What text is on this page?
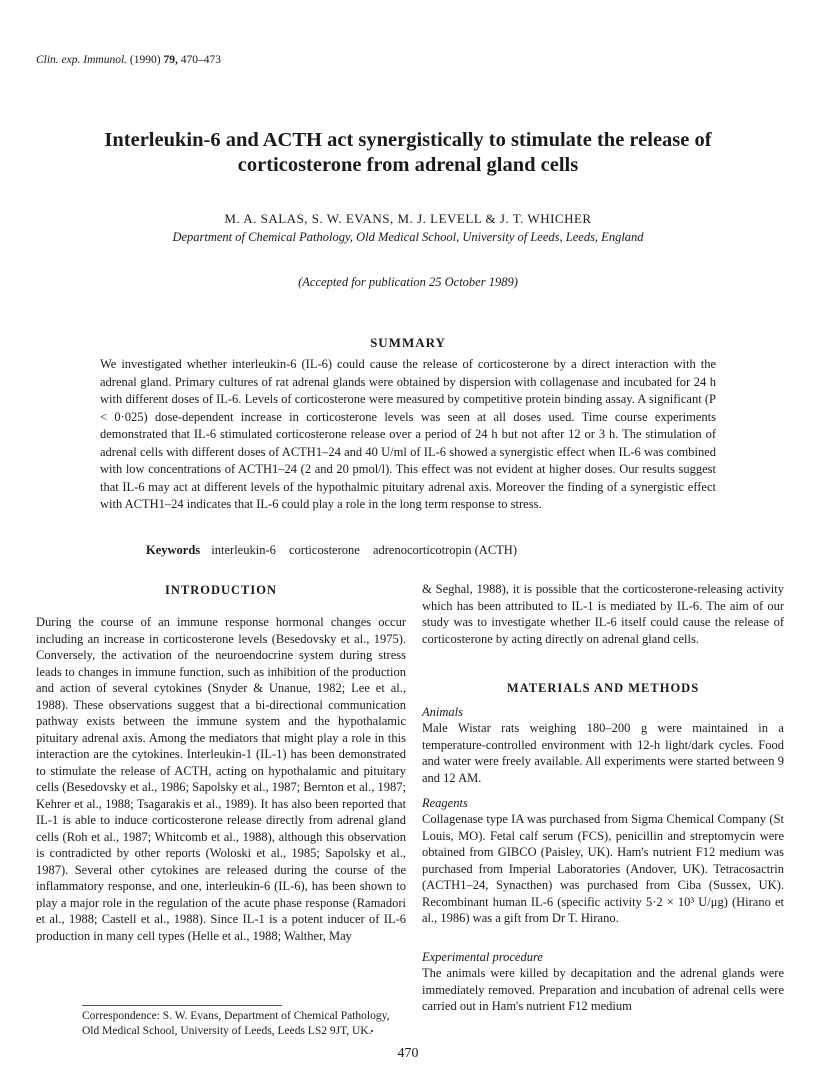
Clin. exp. Immunol. (1990) 79, 470–473
Interleukin-6 and ACTH act synergistically to stimulate the release of corticosterone from adrenal gland cells
M. A. SALAS, S. W. EVANS, M. J. LEVELL & J. T. WHICHER
Department of Chemical Pathology, Old Medical School, University of Leeds, Leeds, England
(Accepted for publication 25 October 1989)
SUMMARY
We investigated whether interleukin-6 (IL-6) could cause the release of corticosterone by a direct interaction with the adrenal gland. Primary cultures of rat adrenal glands were obtained by dispersion with collagenase and incubated for 24 h with different doses of IL-6. Levels of corticosterone were measured by competitive protein binding assay. A significant (P < 0·025) dose-dependent increase in corticosterone levels was seen at all doses used. Time course experiments demonstrated that IL-6 stimulated corticosterone release over a period of 24 h but not after 12 or 3 h. The stimulation of adrenal cells with different doses of ACTH1–24 and 40 U/ml of IL-6 showed a synergistic effect when IL-6 was combined with low concentrations of ACTH1–24 (2 and 20 pmol/l). This effect was not evident at higher doses. Our results suggest that IL-6 may act at different levels of the hypothalmic pituitary adrenal axis. Moreover the finding of a synergistic effect with ACTH1–24 indicates that IL-6 could play a role in the long term response to stress.
Keywords interleukin-6 corticosterone adrenocorticotropin (ACTH)
INTRODUCTION
During the course of an immune response hormonal changes occur including an increase in corticosterone levels (Besedovsky et al., 1975). Conversely, the activation of the neuroendocrine system during stress leads to changes in immune function, such as inhibition of the production and action of several cytokines (Snyder & Unanue, 1982; Lee et al., 1988). These observations suggest that a bi-directional communication pathway exists between the immune system and the hypothalamic pituitary adrenal axis. Among the mediators that might play a role in this interaction are the cytokines. Interleukin-1 (IL-1) has been demonstrated to stimulate the release of ACTH, acting on hypothalamic and pituitary cells (Besedovsky et al., 1986; Sapolsky et al., 1987; Bernton et al., 1987; Kehrer et al., 1988; Tsagarakis et al., 1989). It has also been reported that IL-1 is able to induce corticosterone release directly from adrenal gland cells (Roh et al., 1987; Whitcomb et al., 1988), although this observation is contradicted by other reports (Woloski et al., 1985; Sapolsky et al., 1987). Several other cytokines are released during the course of the inflammatory response, and one, interleukin-6 (IL-6), has been shown to play a major role in the regulation of the acute phase response (Ramadori et al., 1988; Castell et al., 1988). Since IL-1 is a potent inducer of IL-6 production in many cell types (Helle et al., 1988; Walther, May
Correspondence: S. W. Evans, Department of Chemical Pathology, Old Medical School, University of Leeds, Leeds LS2 9JT, UK.
& Seghal, 1988), it is possible that the corticosterone-releasing activity which has been attributed to IL-1 is mediated by IL-6. The aim of our study was to investigate whether IL-6 itself could cause the release of corticosterone by acting directly on adrenal gland cells.
MATERIALS AND METHODS
Animals
Male Wistar rats weighing 180–200 g were maintained in a temperature-controlled environment with 12-h light/dark cycles. Food and water were freely available. All experiments were started between 9 and 12 AM.
Reagents
Collagenase type IA was purchased from Sigma Chemical Company (St Louis, MO). Fetal calf serum (FCS), penicillin and streptomycin were obtained from GIBCO (Paisley, UK). Ham's nutrient F12 medium was purchased from Imperial Laboratories (Andover, UK). Tetracosactrin (ACTH1–24, Synacthen) was purchased from Ciba (Sussex, UK). Recombinant human IL-6 (specific activity 5·2 × 10³ U/μg) (Hirano et al., 1986) was a gift from Dr T. Hirano.
Experimental procedure
The animals were killed by decapitation and the adrenal glands were immediately removed. Preparation and incubation of adrenal cells were carried out in Ham's nutrient F12 medium
470
